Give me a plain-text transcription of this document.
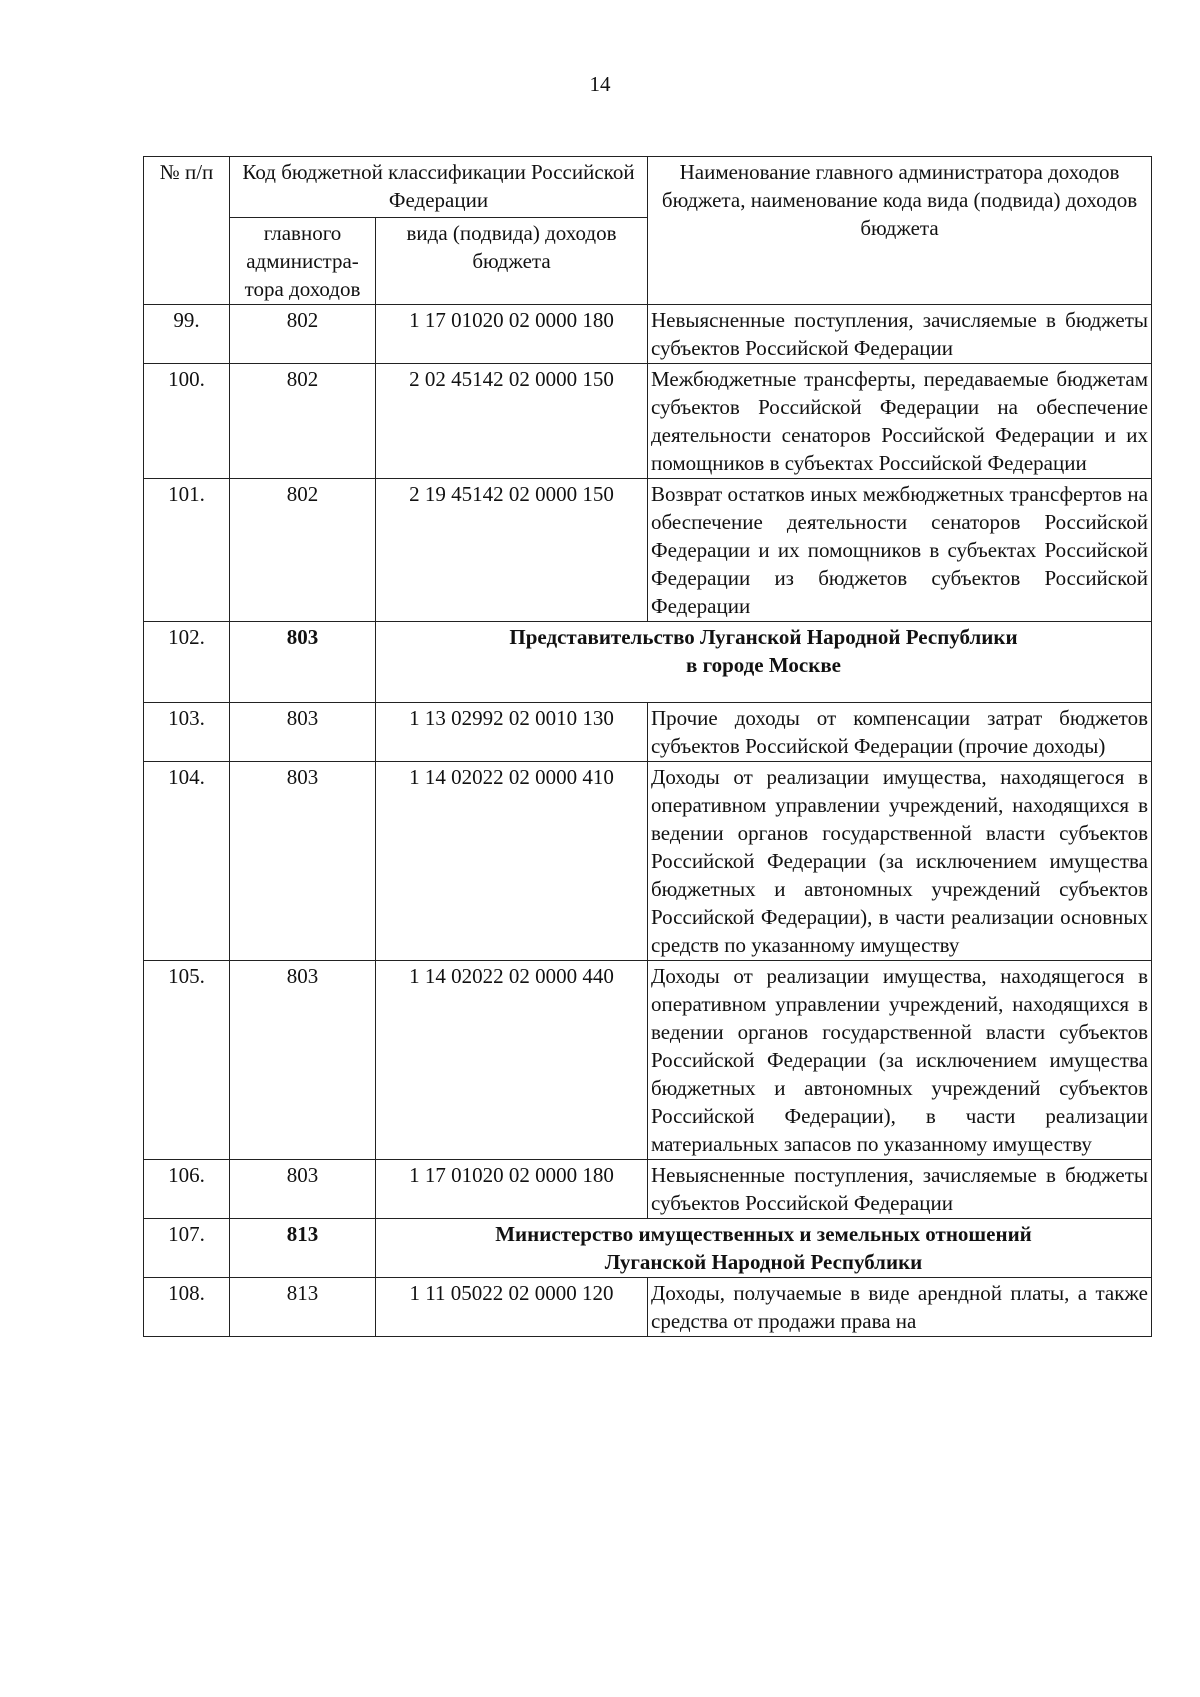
14
№ п/п	Код бюджетной классификации Российской Федерации		Наименование главного администратора доходов бюджета, наименование кода вида (подвида) доходов бюджета
	главного администра-тора доходов	вида (подвида) доходов бюджета	
99.	802	1 17 01020 02 0000 180	Невыясненные поступления, зачисляемые в бюджеты субъектов Российской Федерации
100.	802	2 02 45142 02 0000 150	Межбюджетные трансферты, передаваемые бюджетам субъектов Российской Федерации на обеспечение деятельности сенаторов Российской Федерации и их помощников в субъектах Российской Федерации
101.	802	2 19 45142 02 0000 150	Возврат остатков иных межбюджетных трансфертов на обеспечение деятельности сенаторов Российской Федерации и их помощников в субъектах Российской Федерации из бюджетов субъектов Российской Федерации
102.	803	Представительство Луганской Народной Республики
в городе Москве	

103.	803	1 13 02992 02 0010 130	Прочие доходы от компенсации затрат бюджетов субъектов Российской Федерации (прочие доходы)
104.	803	1 14 02022 02 0000 410	Доходы от реализации имущества, находящегося в оперативном управлении учреждений, находящихся в ведении органов государственной власти субъектов Российской Федерации (за исключением имущества бюджетных и автономных учреждений субъектов Российской Федерации), в части реализации основных средств по указанному имуществу
105.	803	1 14 02022 02 0000 440	Доходы от реализации имущества, находящегося в оперативном управлении учреждений, находящихся в ведении органов государственной власти субъектов Российской Федерации (за исключением имущества бюджетных и автономных учреждений субъектов Российской Федерации), в части реализации материальных запасов по указанному имуществу
106.	803	1 17 01020 02 0000 180	Невыясненные поступления, зачисляемые в бюджеты субъектов Российской Федерации
107.	813	Министерство имущественных и земельных отношений
Луганской Народной Республики	

108.	813	1 11 05022 02 0000 120	Доходы, получаемые в виде арендной платы, а также средства от продажи права на
